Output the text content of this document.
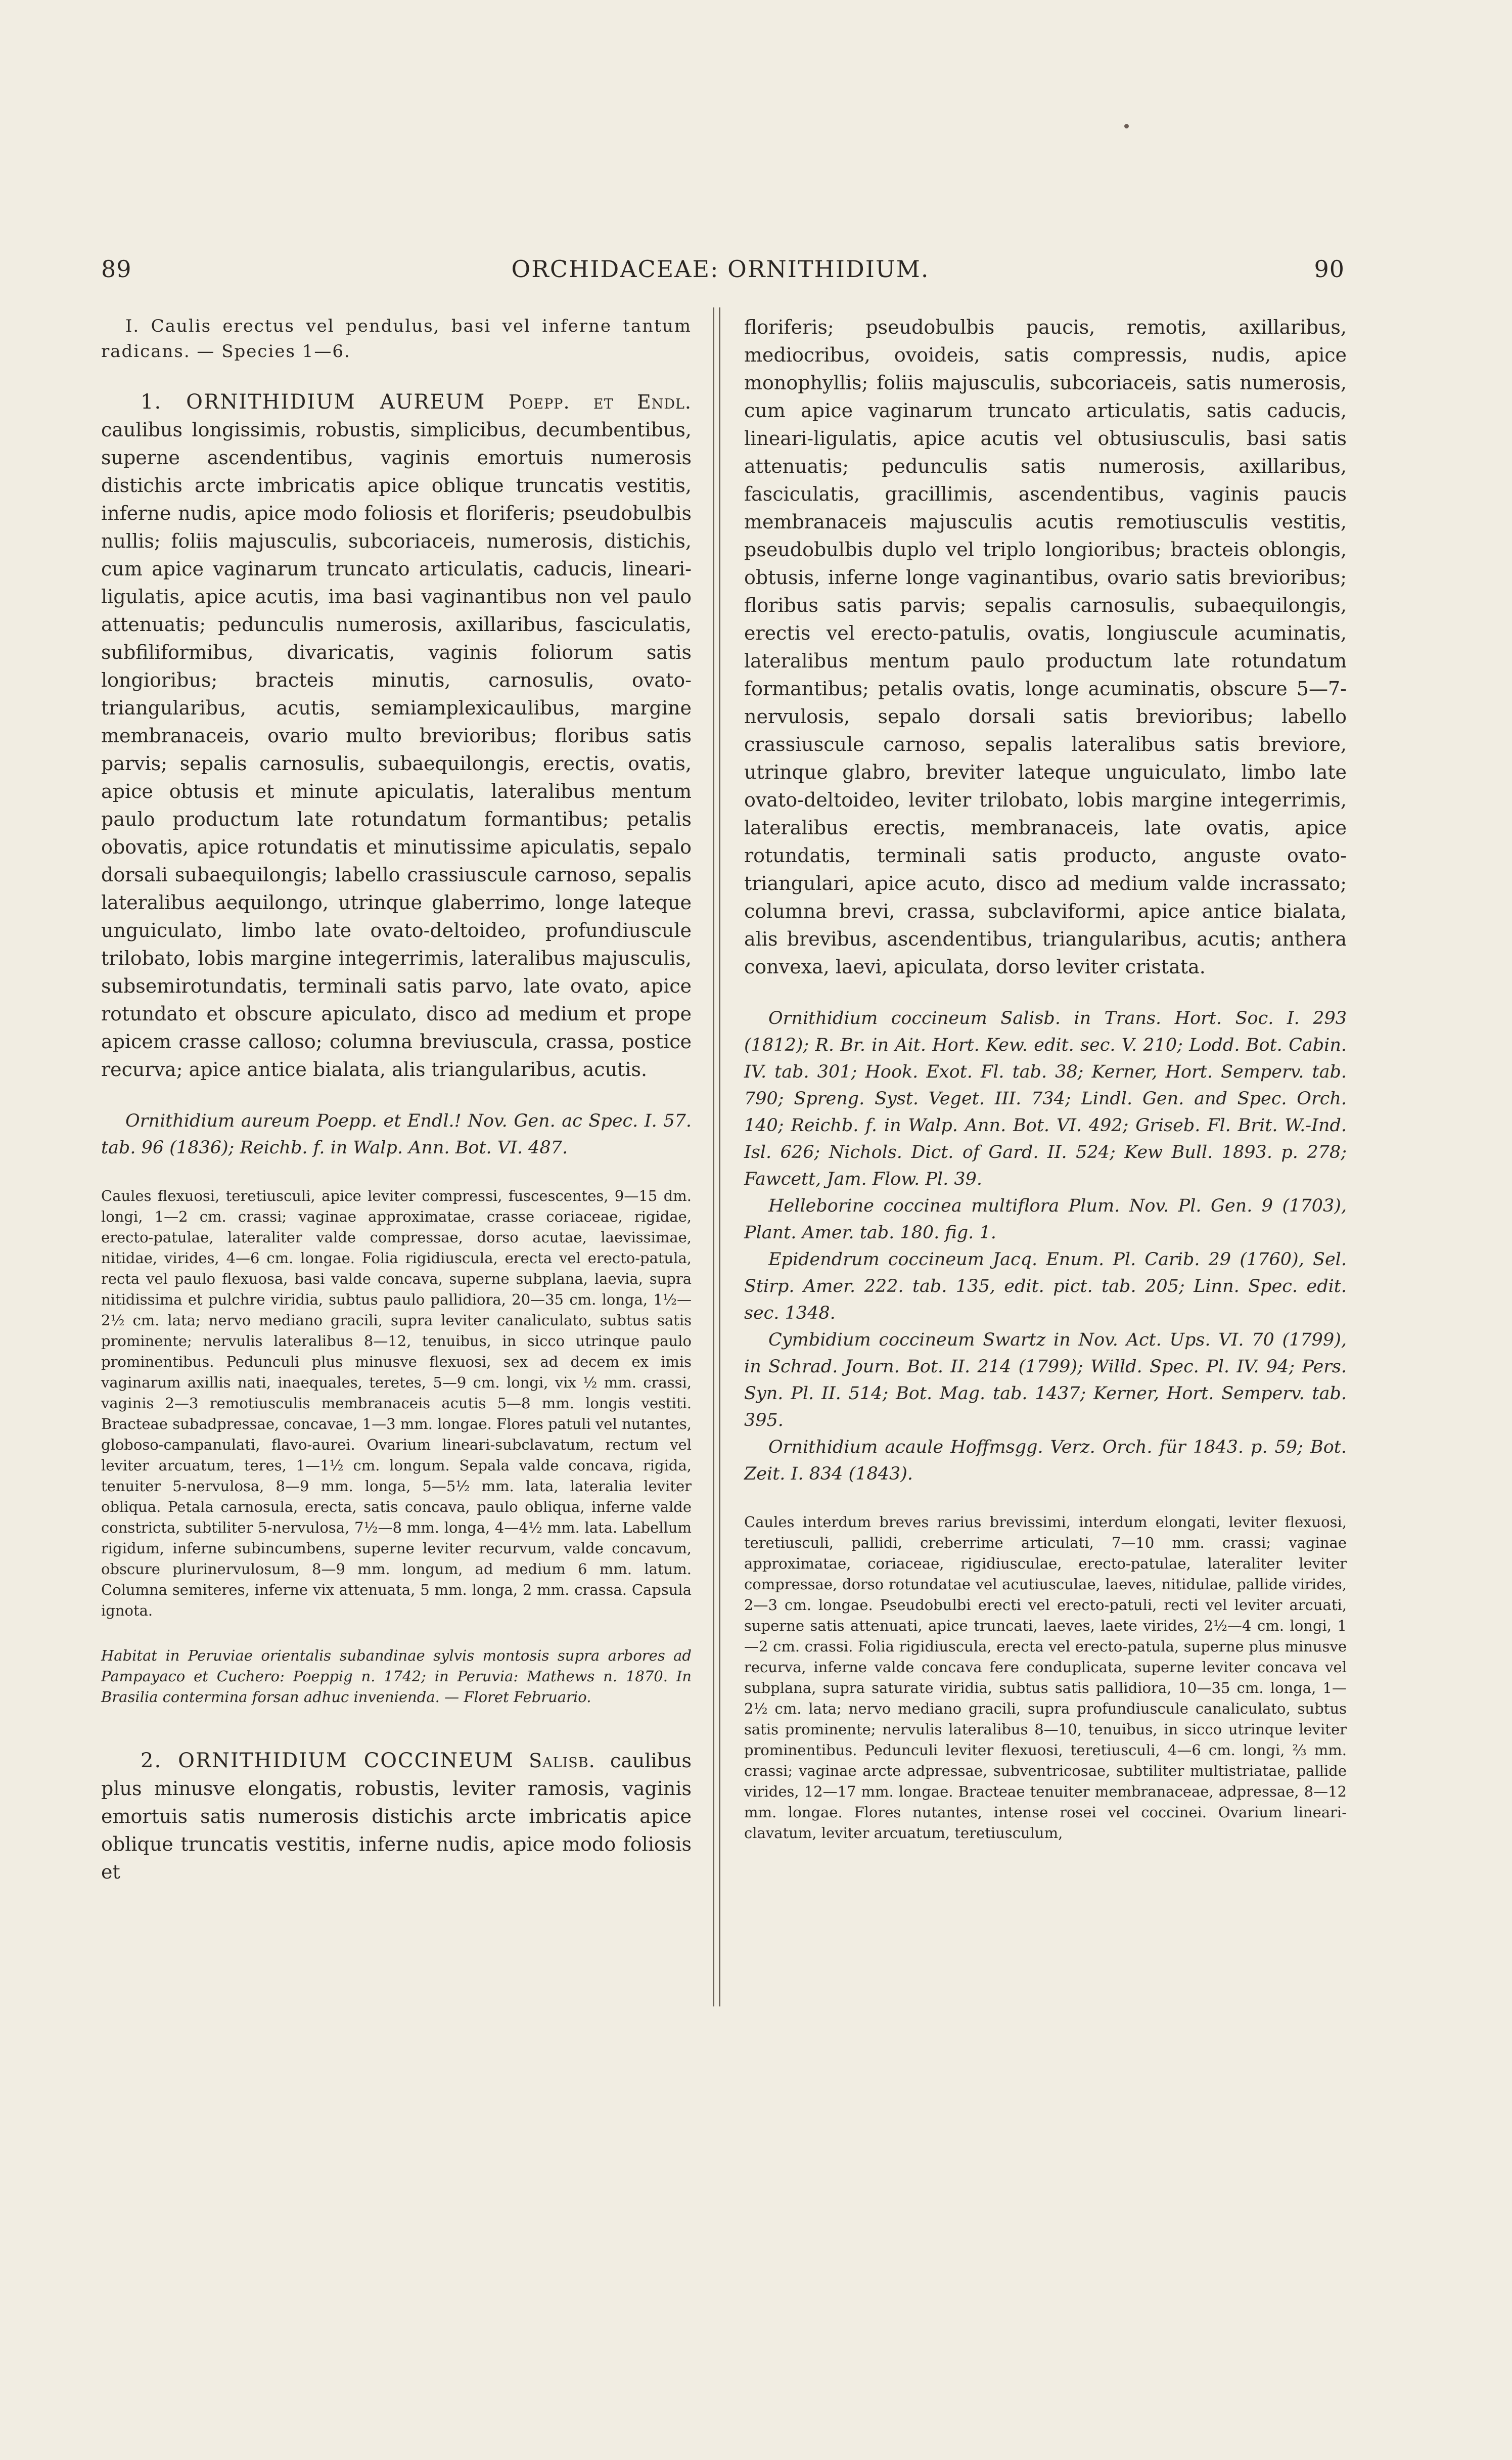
89	ORCHIDACEAE: ORNITHIDIUM.	90

I. Caulis erectus vel pendulus, basi vel inferne tantum radicans. — Species 1—6.

1. ORNITHIDIUM AUREUM Poepp. et Endl. caulibus longissimis, robustis, simplicibus, decumbentibus, superne ascendentibus, vaginis emortuis numerosis distichis arcte imbricatis apice oblique truncatis vestitis, inferne nudis, apice modo foliosis et floriferis; pseudobulbis nullis; foliis majusculis, subcoriaceis, numerosis, distichis, cum apice vaginarum truncato articulatis, caducis, lineari-ligulatis, apice acutis, ima basi vaginantibus non vel paulo attenuatis; pedunculis numerosis, axillaribus, fasciculatis, subfiliformibus, divaricatis, vaginis foliorum satis longioribus; bracteis minutis, carnosulis, ovato-triangularibus, acutis, semiamplexicaulibus, margine membranaceis, ovario multo brevioribus; floribus satis parvis; sepalis carnosulis, subaequilongis, erectis, ovatis, apice obtusis et minute apiculatis, lateralibus mentum paulo productum late rotundatum formantibus; petalis obovatis, apice rotundatis et minutissime apiculatis, sepalo dorsali subaequilongis; labello crassiuscule carnoso, sepalis lateralibus aequilongo, utrinque glaberrimo, longe lateque unguiculato, limbo late ovato-deltoideo, profundiuscule trilobato, lobis margine integerrimis, lateralibus majusculis, subsemirotundatis, terminali satis parvo, late ovato, apice rotundato et obscure apiculato, disco ad medium et prope apicem crasse calloso; columna breviuscula, crassa, postice recurva; apice antice bialata, alis triangularibus, acutis.

Ornithidium aureum Poepp. et Endl.! Nov. Gen. ac Spec. I. 57. tab. 96 (1836); Reichb. f. in Walp. Ann. Bot. VI. 487.

Caules flexuosi, teretiusculi, apice leviter compressi, fuscescentes, 9—15 dm. longi, 1—2 cm. crassi; vaginae approximatae, crasse coriaceae, rigidae, erecto-patulae, lateraliter valde compressae, dorso acutae, laevissimae, nitidae, virides, 4—6 cm. longae. Folia rigidiuscula, erecta vel erecto-patula, recta vel paulo flexuosa, basi valde concava, superne subplana, laevia, supra nitidissima et pulchre viridia, subtus paulo pallidiora, 20—35 cm. longa, 1½—2½ cm. lata; nervo mediano gracili, supra leviter canaliculato, subtus satis prominente; nervulis lateralibus 8—12, tenuibus, in sicco utrinque paulo prominentibus. Pedunculi plus minusve flexuosi, sex ad decem ex imis vaginarum axillis nati, inaequales, teretes, 5—9 cm. longi, vix ½ mm. crassi, vaginis 2—3 remotiusculis membranaceis acutis 5—8 mm. longis vestiti. Bracteae subadpressae, concavae, 1—3 mm. longae. Flores patuli vel nutantes, globoso-campanulati, flavo-aurei. Ovarium lineari-subclavatum, rectum vel leviter arcuatum, teres, 1—1½ cm. longum. Sepala valde concava, rigida, tenuiter 5-nervulosa, 8—9 mm. longa, 5—5½ mm. lata, lateralia leviter obliqua. Petala carnosula, erecta, satis concava, paulo obliqua, inferne valde constricta, subtiliter 5-nervulosa, 7½—8 mm. longa, 4—4½ mm. lata. Labellum rigidum, inferne subincumbens, superne leviter recurvum, valde concavum, obscure plurinervulosum, 8—9 mm. longum, ad medium 6 mm. latum. Columna semiteres, inferne vix attenuata, 5 mm. longa, 2 mm. crassa. Capsula ignota.

Habitat in Peruviae orientalis subandinae sylvis montosis supra arbores ad Pampayaco et Cuchero: Poeppig n. 1742; in Peruvia: Mathews n. 1870. In Brasilia contermina forsan adhuc invenienda. — Floret Februario.

2. ORNITHIDIUM COCCINEUM Salisb. caulibus plus minusve elongatis, robustis, leviter ramosis, vaginis emortuis satis numerosis distichis arcte imbricatis apice oblique truncatis vestitis, inferne nudis, apice modo foliosis et

floriferis; pseudobulbis paucis, remotis, axillaribus, mediocribus, ovoideis, satis compressis, nudis, apice monophyllis; foliis majusculis, subcoriaceis, satis numerosis, cum apice vaginarum truncato articulatis, satis caducis, lineari-ligulatis, apice acutis vel obtusiusculis, basi satis attenuatis; pedunculis satis numerosis, axillaribus, fasciculatis, gracillimis, ascendentibus, vaginis paucis membranaceis majusculis acutis remotiusculis vestitis, pseudobulbis duplo vel triplo longioribus; bracteis oblongis, obtusis, inferne longe vaginantibus, ovario satis brevioribus; floribus satis parvis; sepalis carnosulis, subaequilongis, erectis vel erecto-patulis, ovatis, longiuscule acuminatis, lateralibus mentum paulo productum late rotundatum formantibus; petalis ovatis, longe acuminatis, obscure 5—7-nervulosis, sepalo dorsali satis brevioribus; labello crassiuscule carnoso, sepalis lateralibus satis breviore, utrinque glabro, breviter lateque unguiculato, limbo late ovato-deltoideo, leviter trilobato, lobis margine integerrimis, lateralibus erectis, membranaceis, late ovatis, apice rotundatis, terminali satis producto, anguste ovato-triangulari, apice acuto, disco ad medium valde incrassato; columna brevi, crassa, subclaviformi, apice antice bialata, alis brevibus, ascendentibus, triangularibus, acutis; anthera convexa, laevi, apiculata, dorso leviter cristata.

Ornithidium coccineum Salisb. in Trans. Hort. Soc. I. 293 (1812); R. Br. in Ait. Hort. Kew. edit. sec. V. 210; Lodd. Bot. Cabin. IV. tab. 301; Hook. Exot. Fl. tab. 38; Kerner, Hort. Semperv. tab. 790; Spreng. Syst. Veget. III. 734; Lindl. Gen. and Spec. Orch. 140; Reichb. f. in Walp. Ann. Bot. VI. 492; Griseb. Fl. Brit. W.-Ind. Isl. 626; Nichols. Dict. of Gard. II. 524; Kew Bull. 1893. p. 278; Fawcett, Jam. Flow. Pl. 39.

Helleborine coccinea multiflora Plum. Nov. Pl. Gen. 9 (1703), Plant. Amer. tab. 180. fig. 1.

Epidendrum coccineum Jacq. Enum. Pl. Carib. 29 (1760), Sel. Stirp. Amer. 222. tab. 135, edit. pict. tab. 205; Linn. Spec. edit. sec. 1348.

Cymbidium coccineum Swartz in Nov. Act. Ups. VI. 70 (1799), in Schrad. Journ. Bot. II. 214 (1799); Willd. Spec. Pl. IV. 94; Pers. Syn. Pl. II. 514; Bot. Mag. tab. 1437; Kerner, Hort. Semperv. tab. 395.

Ornithidium acaule Hoffmsgg. Verz. Orch. für 1843. p. 59; Bot. Zeit. I. 834 (1843).

Caules interdum breves rarius brevissimi, interdum elongati, leviter flexuosi, teretiusculi, pallidi, creberrime articulati, 7—10 mm. crassi; vaginae approximatae, coriaceae, rigidiusculae, erecto-patulae, lateraliter leviter compressae, dorso rotundatae vel acutiusculae, laeves, nitidulae, pallide virides, 2—3 cm. longae. Pseudobulbi erecti vel erecto-patuli, recti vel leviter arcuati, superne satis attenuati, apice truncati, laeves, laete virides, 2½—4 cm. longi, 1—2 cm. crassi. Folia rigidiuscula, erecta vel erecto-patula, superne plus minusve recurva, inferne valde concava fere conduplicata, superne leviter concava vel subplana, supra saturate viridia, subtus satis pallidiora, 10—35 cm. longa, 1—2½ cm. lata; nervo mediano gracili, supra profundiuscule canaliculato, subtus satis prominente; nervulis lateralibus 8—10, tenuibus, in sicco utrinque leviter prominentibus. Pedunculi leviter flexuosi, teretiusculi, 4—6 cm. longi, ⅔ mm. crassi; vaginae arcte adpressae, subventricosae, subtiliter multistriatae, pallide virides, 12—17 mm. longae. Bracteae tenuiter membranaceae, adpressae, 8—12 mm. longae. Flores nutantes, intense rosei vel coccinei. Ovarium lineari-clavatum, leviter arcuatum, teretiusculum,
